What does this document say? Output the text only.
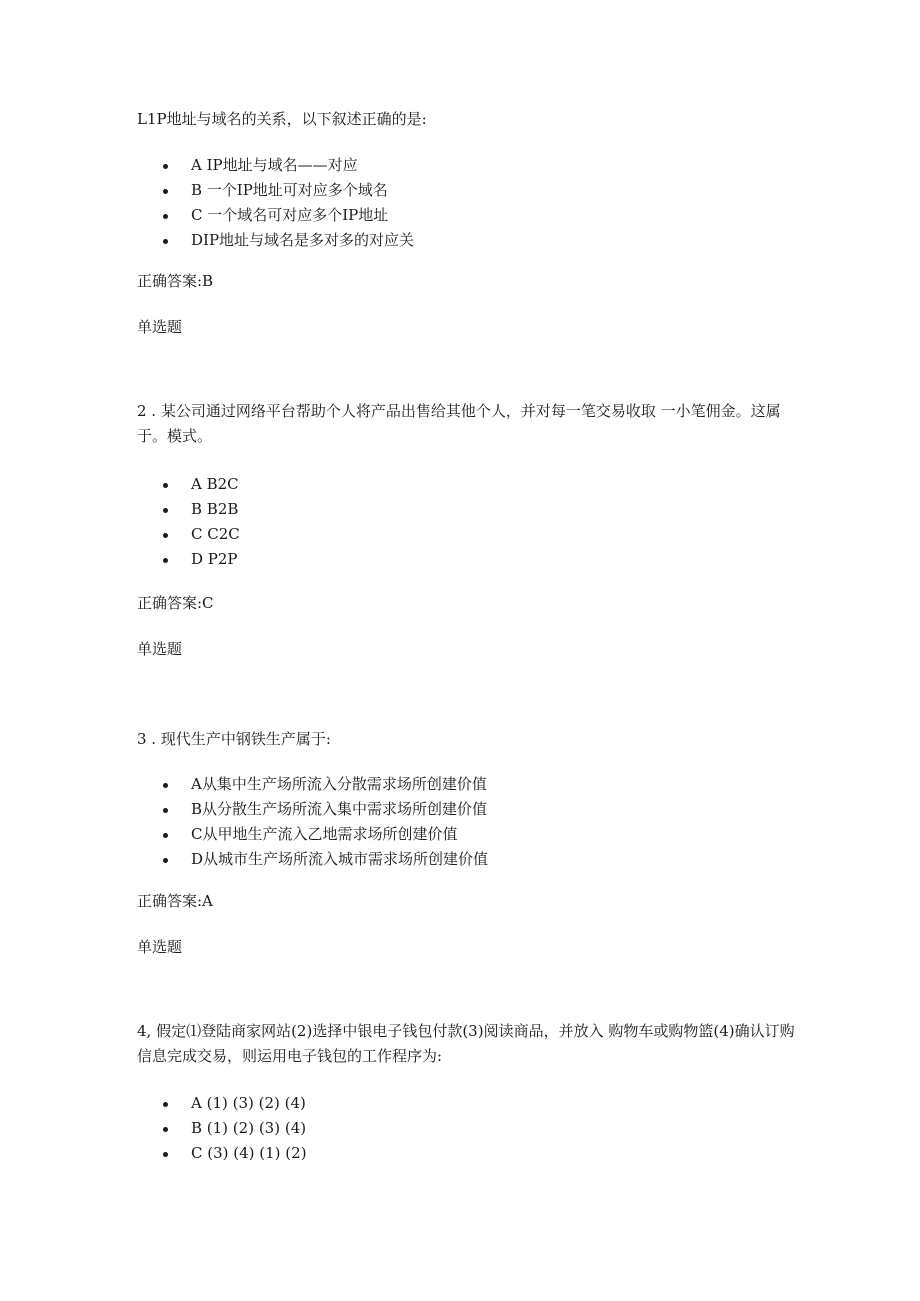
L1P地址与域名的关系，以下叙述正确的是:

A IP地址与域名——对应
B 一个IP地址可对应多个域名
C 一个域名可对应多个IP地址
DIP地址与域名是多对多的对应关

正确答案:B

单选题

2 . 某公司通过网络平台帮助个人将产品出售给其他个人，并对每一笔交易收取 一小笔佣金。这属于。模式。

A B2C
B B2B
C C2C
D P2P

正确答案:C

单选题

3 . 现代生产中钢铁生产属于:

A从集中生产场所流入分散需求场所创建价值
B从分散生产场所流入集中需求场所创建价值
C从甲地生产流入乙地需求场所创建价值
D从城市生产场所流入城市需求场所创建价值

正确答案:A

单选题

4, 假定⑴登陆商家网站(2)选择中银电子钱包付款(3)阅读商品，并放入 购物车或购物篮(4)确认订购信息完成交易，则运用电子钱包的工作程序为:

A (1) (3) (2) (4)
B (1) (2) (3) (4)
C (3) (4) (1) (2)
